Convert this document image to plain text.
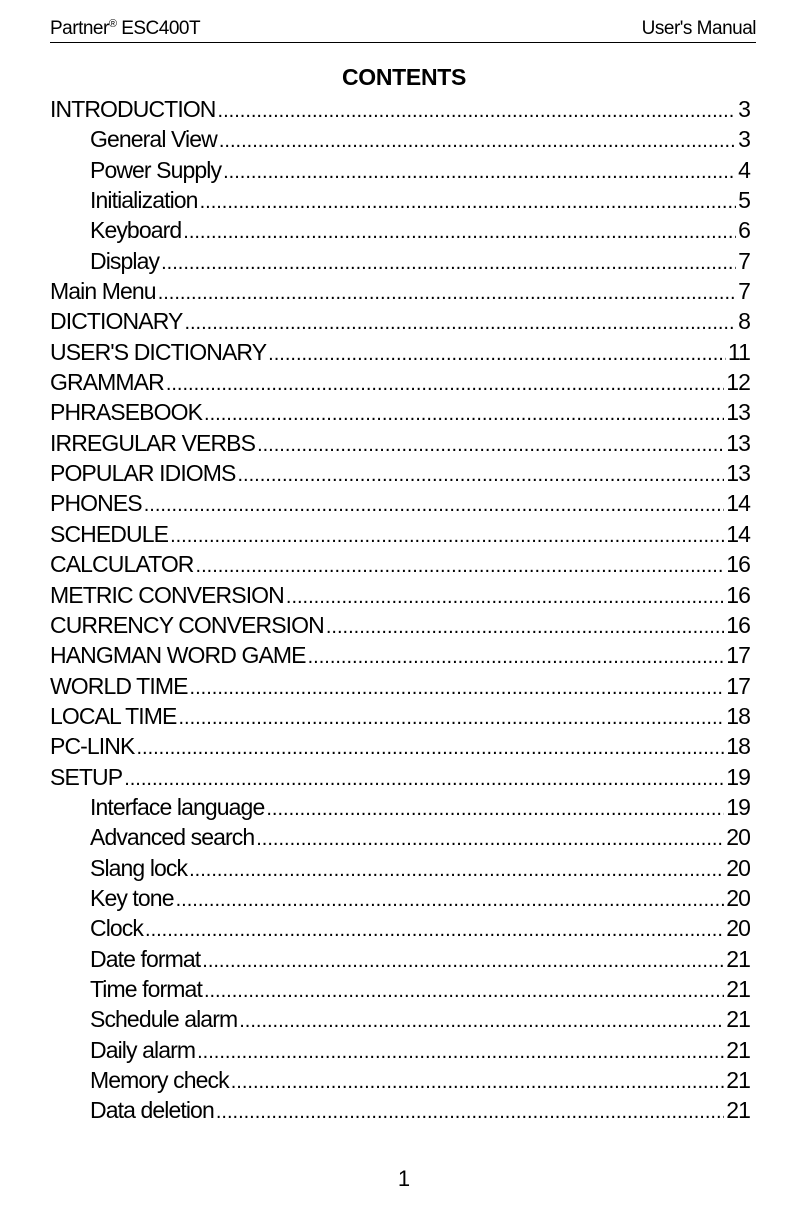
Partner® ESC400T	User's Manual
CONTENTS
INTRODUCTION .....	3
General View .....	3
Power Supply .....	4
Initialization .....	5
Keyboard .....	6
Display .....	7
Main Menu .....	7
DICTIONARY .....	8
USER'S DICTIONARY .....	11
GRAMMAR .....	12
PHRASEBOOK .....	13
IRREGULAR VERBS .....	13
POPULAR IDIOMS .....	13
PHONES .....	14
SCHEDULE .....	14
CALCULATOR .....	16
METRIC CONVERSION .....	16
CURRENCY CONVERSION .....	16
HANGMAN WORD GAME .....	17
WORLD TIME .....	17
LOCAL TIME .....	18
PC-LINK .....	18
SETUP .....	19
Interface language .....	19
Advanced search .....	20
Slang lock .....	20
Key tone .....	20
Clock .....	20
Date format .....	21
Time format .....	21
Schedule alarm .....	21
Daily alarm .....	21
Memory check .....	21
Data deletion .....	21
1
